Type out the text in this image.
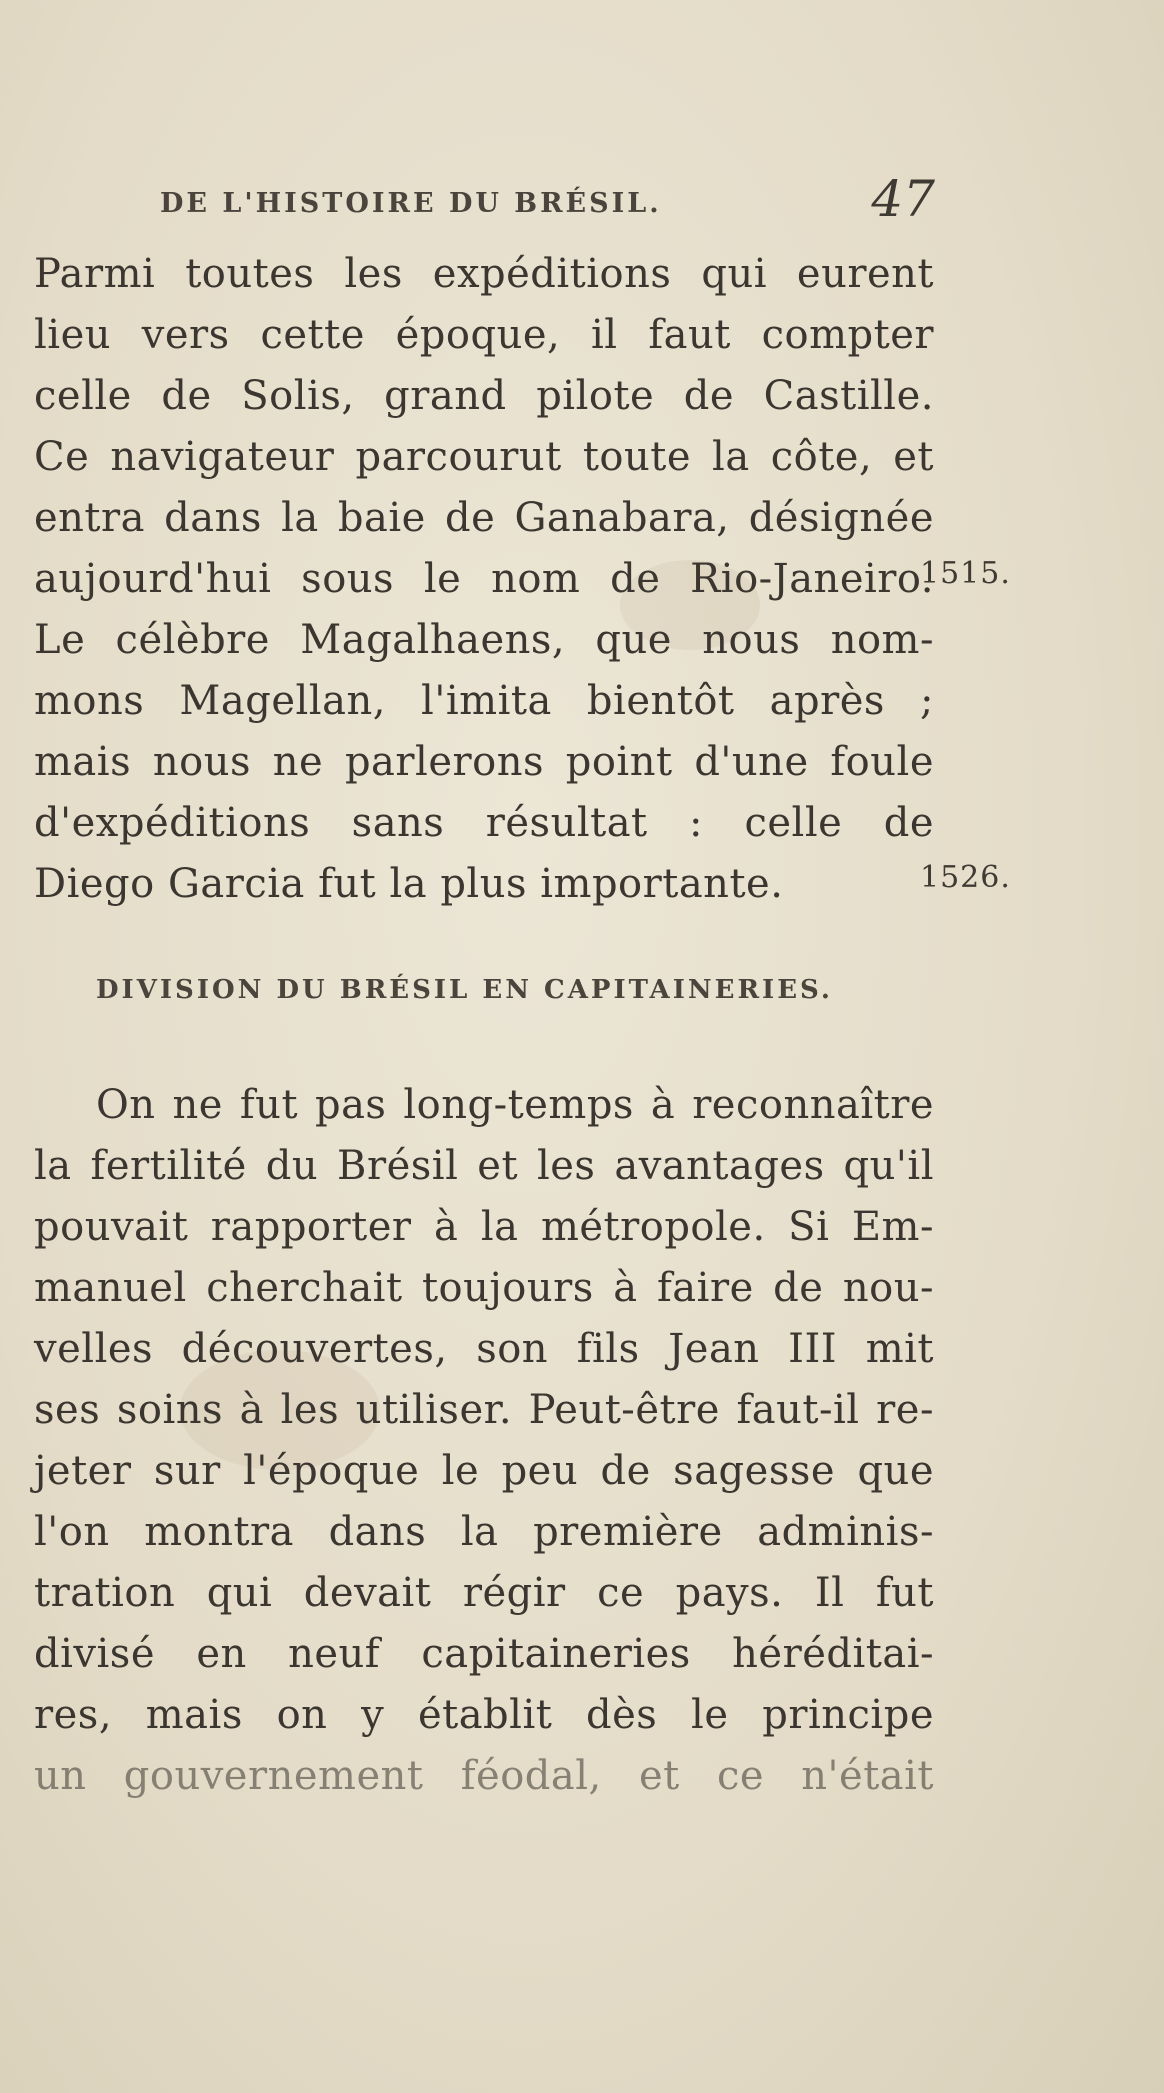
DE L'HISTOIRE DU BRÉSIL.	47
Parmi toutes les expéditions qui eurent
lieu vers cette époque, il faut compter
celle de Solis, grand pilote de Castille.
Ce navigateur parcourut toute la côte, et
entra dans la baie de Ganabara, désignée
aujourd'hui sous le nom de Rio-Janeiro.
Le célèbre Magalhaens, que nous nom-
mons Magellan, l'imita bientôt après ;
mais nous ne parlerons point d'une foule
d'expéditions sans résultat : celle de
Diego Garcia fut la plus importante.
1515.
1526.
DIVISION DU BRÉSIL EN CAPITAINERIES.
On ne fut pas long-temps à reconnaître
la fertilité du Brésil et les avantages qu'il
pouvait rapporter à la métropole. Si Em-
manuel cherchait toujours à faire de nou-
velles découvertes, son fils Jean III mit
ses soins à les utiliser. Peut-être faut-il re-
jeter sur l'époque le peu de sagesse que
l'on montra dans la première adminis-
tration qui devait régir ce pays. Il fut
divisé en neuf capitaineries héréditai-
res, mais on y établit dès le principe
un gouvernement féodal, et ce n'était
